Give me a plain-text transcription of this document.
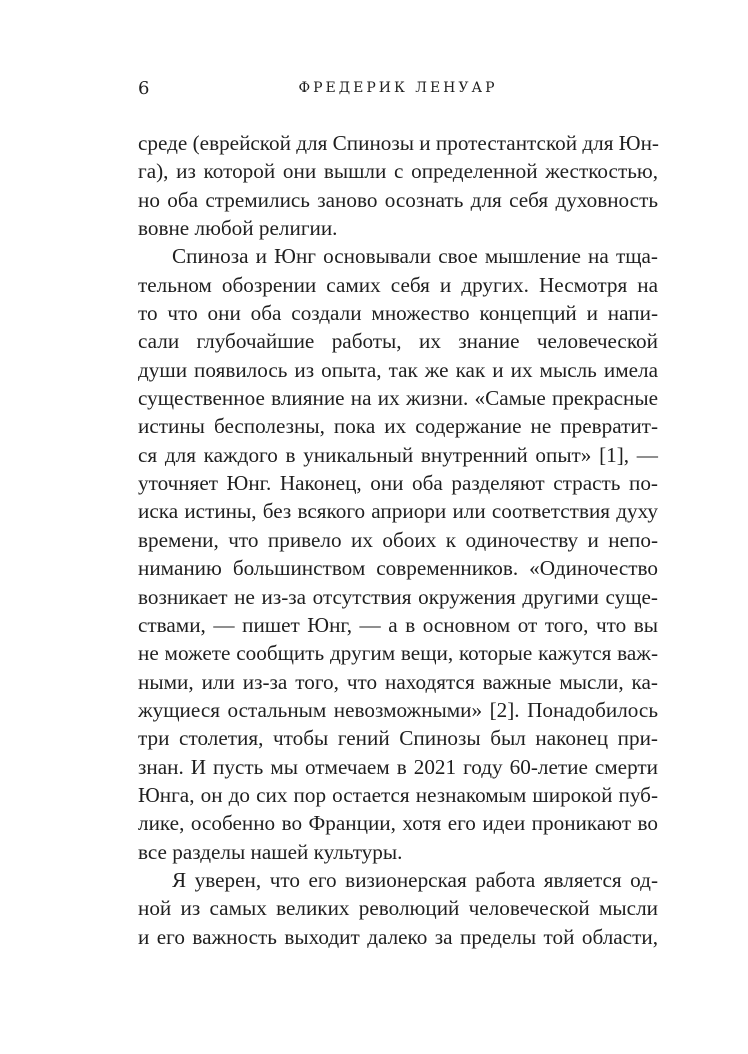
6	ФРЕДЕРИК ЛЕНУАР
среде (еврейской для Спинозы и протестантской для Юн-
га), из которой они вышли с определенной жесткостью,
но оба стремились заново осознать для себя духовность
вовне любой религии.
Спиноза и Юнг основывали свое мышление на тща-
тельном обозрении самих себя и других. Несмотря на
то что они оба создали множество концепций и напи-
сали глубочайшие работы, их знание человеческой
души появилось из опыта, так же как и их мысль имела
существенное влияние на их жизни. «Самые прекрасные
истины бесполезны, пока их содержание не превратит-
ся для каждого в уникальный внутренний опыт» [1], —
уточняет Юнг. Наконец, они оба разделяют страсть по-
иска истины, без всякого априори или соответствия духу
времени, что привело их обоих к одиночеству и непо-
ниманию большинством современников. «Одиночество
возникает не из-за отсутствия окружения другими суще-
ствами, — пишет Юнг, — а в основном от того, что вы
не можете сообщить другим вещи, которые кажутся важ-
ными, или из-за того, что находятся важные мысли, ка-
жущиеся остальным невозможными» [2]. Понадобилось
три столетия, чтобы гений Спинозы был наконец при-
знан. И пусть мы отмечаем в 2021 году 60-летие смерти
Юнга, он до сих пор остается незнакомым широкой пуб-
лике, особенно во Франции, хотя его идеи проникают во
все разделы нашей культуры.
Я уверен, что его визионерская работа является од-
ной из самых великих революций человеческой мысли
и его важность выходит далеко за пределы той области,
